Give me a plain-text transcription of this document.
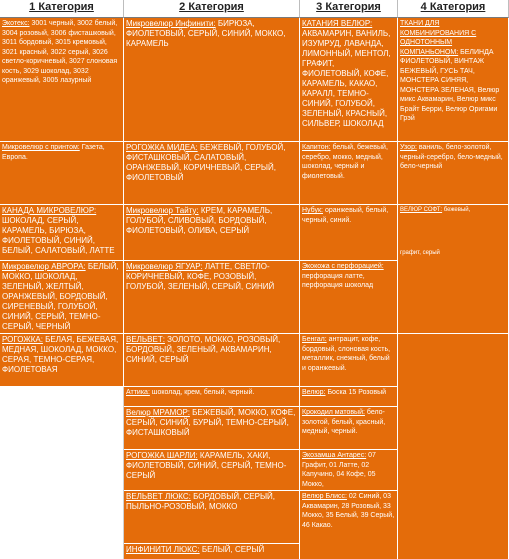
1 Категория
Экотекс: 3001 черный, 3002 белый, 3004 розовый, 3006 фисташковый, 3011 бордовый, 3015 кремовый, 3021 красный, 3022 серый, 3026 светло-коричневый, 3027 слоновая кость, 3029 шоколад, 3032 оранжевый, 3005 лазурный
Микровелюр с принтом: Газета, Европа.
КАНАДА МИКРОВЕЛЮР: ШОКОЛАД, СЕРЫЙ, КАРАМЕЛЬ, БИРЮЗА, ФИОЛЕТОВЫЙ, СИНИЙ, БЕЛЫЙ, САЛАТОВЫЙ, ЛАТТЕ
Микровелюр АВРОРА: БЕЛЫЙ, МОККО, ШОКОЛАД, ЗЕЛЕНЫЙ, ЖЕЛТЫЙ, ОРАНЖЕВЫЙ, БОРДОВЫЙ, СИРЕНЕВЫЙ, ГОЛУБОЙ, СИНИЙ, СЕРЫЙ, ТЕМНО-СЕРЫЙ, ЧЕРНЫЙ
РОГОЖКА: БЕЛАЯ, БЕЖЕВАЯ, МЕДНАЯ, ШОКОЛАД, МОККО, СЕРАЯ, ТЕМНО-СЕРАЯ, ФИОЛЕТОВАЯ
2 Категория
Микровелюр Инфинити: БИРЮЗА, ФИОЛЕТОВЫЙ, СЕРЫЙ, СИНИЙ, МОККО, КАРАМЕЛЬ
РОГОЖКА МИДЕА: БЕЖЕВЫЙ, ГОЛУБОЙ, ФИСТАШКОВЫЙ, САЛАТОВЫЙ, ОРАНЖЕВЫЙ, КОРИЧНЕВЫЙ, СЕРЫЙ, ФИОЛЕТОВЫЙ
Микровелюр Тайту: КРЕМ, КАРАМЕЛЬ, ГОЛУБОЙ, СЛИВОВЫЙ, БОРДОВЫЙ, ФИОЛЕТОВЫЙ, ОЛИВА, СЕРЫЙ
Микровелюр ЯГУАР: ЛАТТЕ, СВЕТЛО-КОРИЧНЕВЫЙ, КОФЕ, РОЗОВЫЙ, ГОЛУБОЙ, ЗЕЛЕНЫЙ, СЕРЫЙ, СИНИЙ
ВЕЛЬВЕТ: ЗОЛОТО, МОККО, РОЗОВЫЙ, БОРДОВЫЙ, ЗЕЛЕНЫЙ, АКВАМАРИН, СИНИЙ, СЕРЫЙ
Аттика: шоколад, крем, белый, черный.
Велюр МРАМОР: БЕЖЕВЫЙ, МОККО, КОФЕ, СЕРЫЙ, СИНИЙ, БУРЫЙ, ТЕМНО-СЕРЫЙ, ФИСТАШКОВЫЙ
РОГОЖКА ШАРЛИ: КАРАМЕЛЬ, ХАКИ, ФИОЛЕТОВЫЙ, СИНИЙ, СЕРЫЙ, ТЕМНО-СЕРЫЙ
ВЕЛЬВЕТ ЛЮКС: БОРДОВЫЙ, СЕРЫЙ, ПЫЛЬНО-РОЗОВЫЙ, МОККО
ИНФИНИТИ ЛЮКС: БЕЛЫЙ, СЕРЫЙ
3 Категория
КАТАНИЯ ВЕЛЮР: АКВАМАРИН, ВАНИЛЬ, ИЗУМРУД, ЛАВАНДА, ЛИМОННЫЙ, МЕНТОЛ, ГРАФИТ, ФИОЛЕТОВЫЙ, КОФЕ, КАРАМЕЛЬ, КАКАО, КАРАЛЛ, ТЕМНО-СИНИЙ, ГОЛУБОЙ, ЗЕЛЕНЫЙ, КРАСНЫЙ, СИЛЬВЕР, ШОКОЛАД
Капитон: белый, бежевый, серебро, мокко, медный, шоколад, черный и фиолетовый.
Нубук: оранжевый, белый, черный, синий.
Экокожа с перфорацией: перфорация латте, перфорация шоколад
Бенгал: антрацит, кофе, бордовый, слоновая кость, металлик, снежный, белый и оранжевый.
Велюр: Боска 15 Розовый
Крокодил матовый: бело-золотой, белый, красный, медный, черный.
Экозамша Антарес: 07 Графит, 01 Латте, 02 Капучино, 04 Кофе, 05 Мокко,
Велюр Блисс: 02 Синий, 03 Аквамарин, 28 Розовый, 33 Мокко, 35 Белый, 39 Серый, 46 Какао.
4 Категория
ТКАНИ ДЛЯ КОМБИНИРОВАНИЯ С ОДНОТОННЫМ КОМПАНЬОНОМ: БЕЛИНДА ФИОЛЕТОВЫЙ, ВИНТАЖ БЕЖЕВЫЙ, ГУСЬ ТАЧ, МОНСТЕРА СИНЯЯ, МОНСТЕРА ЗЕЛЕНАЯ, Велюр микс Аквамарин, Велюр микс Брайт Берри, Велюр Оригами Грэй
Узор: ваниль, бело-золотой, черный-серебро, бело-медный, бело-черный
ВЕЛЮР СОФТ: бежевый,
графит, серый
